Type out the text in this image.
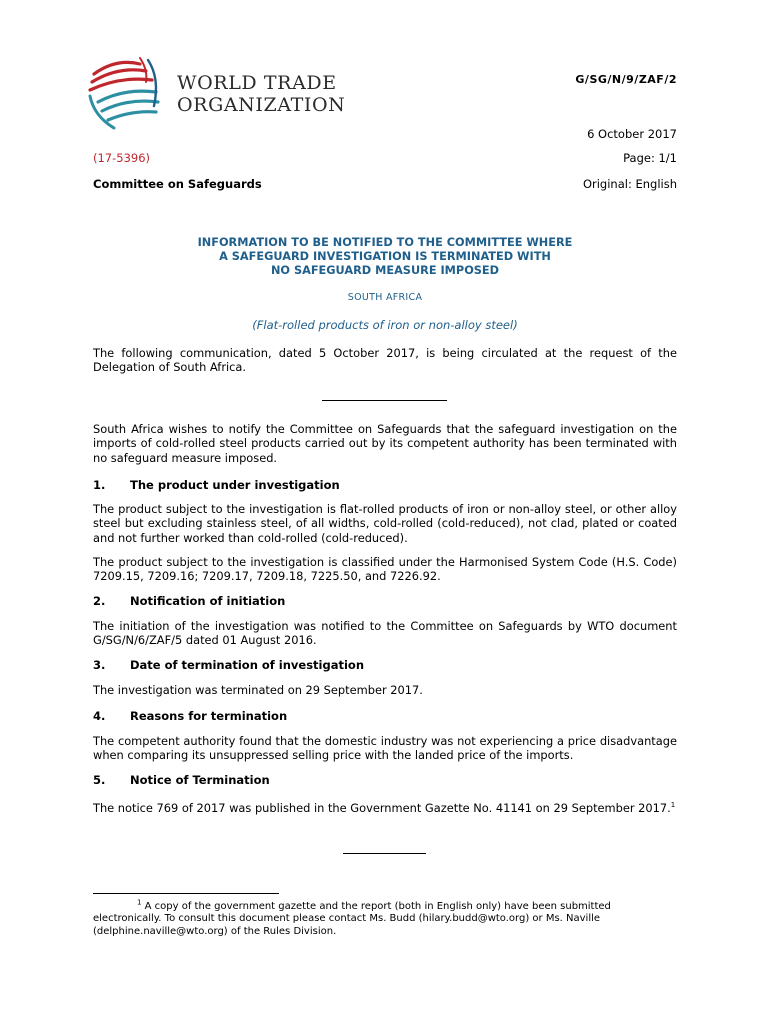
WORLD TRADE
ORGANIZATION
G/SG/N/9/ZAF/2
6 October 2017
(17-5396)	Page: 1/1
Committee on Safeguards	Original: English
INFORMATION TO BE NOTIFIED TO THE COMMITTEE WHERE
A SAFEGUARD INVESTIGATION IS TERMINATED WITH
NO SAFEGUARD MEASURE IMPOSED
SOUTH AFRICA
(Flat-rolled products of iron or non-alloy steel)
The following communication, dated 5 October 2017, is being circulated at the request of the Delegation of South Africa.
South Africa wishes to notify the Committee on Safeguards that the safeguard investigation on the imports of cold-rolled steel products carried out by its competent authority has been terminated with no safeguard measure imposed.
1. The product under investigation
The product subject to the investigation is flat-rolled products of iron or non-alloy steel, or other alloy steel but excluding stainless steel, of all widths, cold-rolled (cold-reduced), not clad, plated or coated and not further worked than cold-rolled (cold-reduced).
The product subject to the investigation is classified under the Harmonised System Code (H.S. Code) 7209.15, 7209.16; 7209.17, 7209.18, 7225.50, and 7226.92.
2. Notification of initiation
The initiation of the investigation was notified to the Committee on Safeguards by WTO document G/SG/N/6/ZAF/5 dated 01 August 2016.
3. Date of termination of investigation
The investigation was terminated on 29 September 2017.
4. Reasons for termination
The competent authority found that the domestic industry was not experiencing a price disadvantage when comparing its unsuppressed selling price with the landed price of the imports.
5. Notice of Termination
The notice 769 of 2017 was published in the Government Gazette No. 41141 on 29 September 2017.$^1$
$^1$ A copy of the government gazette and the report (both in English only) have been submitted electronically. To consult this document please contact Ms. Budd (hilary.budd@wto.org) or Ms. Naville (delphine.naville@wto.org) of the Rules Division.
